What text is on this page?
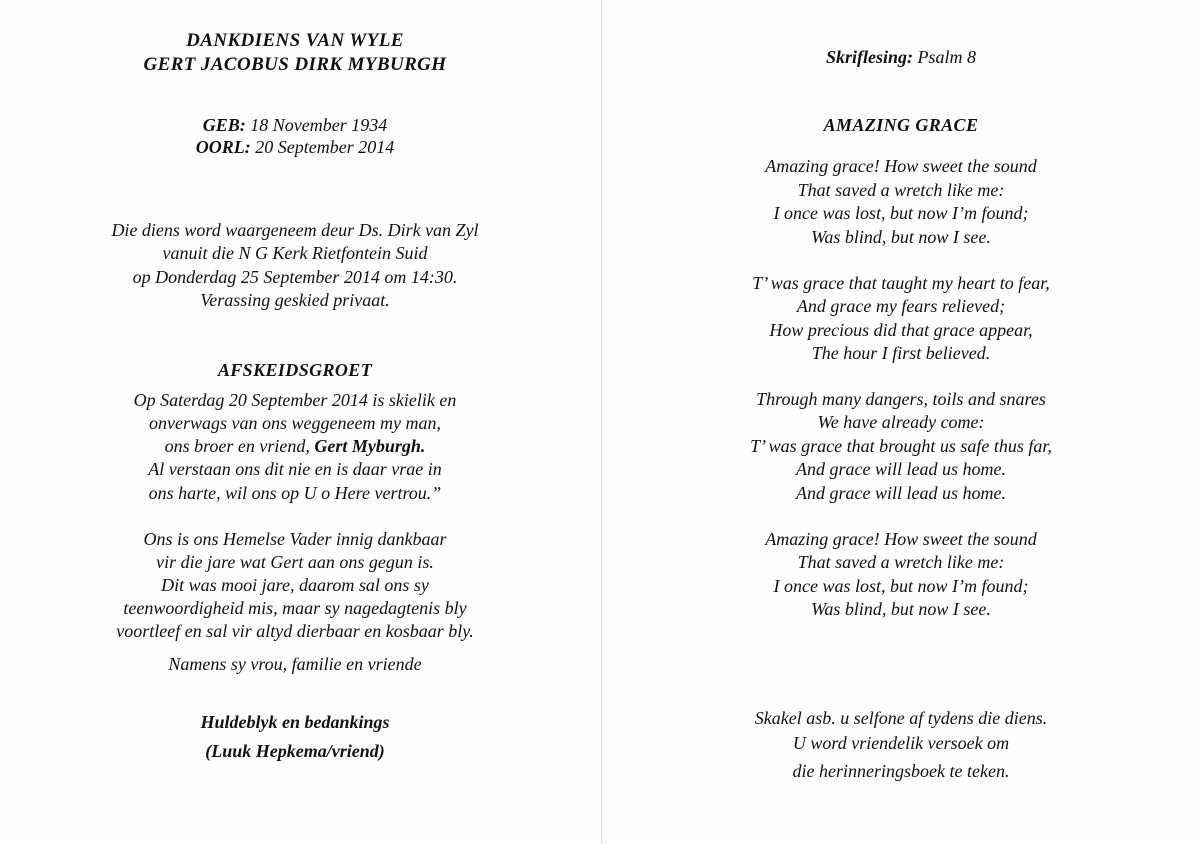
DANKDIENS VAN WYLE
GERT JACOBUS DIRK MYBURGH
GEB: 18 November 1934
OORL: 20 September 2014
Die diens word waargeneem deur Ds. Dirk van Zyl
vanuit die N G Kerk Rietfontein Suid
op Donderdag 25 September 2014 om 14:30.
Verassing geskied privaat.
AFSKEIDSGROET
Op Saterdag 20 September 2014 is skielik en
onverwags van ons weggeneem my man,
ons broer en vriend, Gert Myburgh.
Al verstaan ons dit nie en is daar vrae in
ons harte, wil ons op U o Here vertrou.”
Ons is ons Hemelse Vader innig dankbaar
vir die jare wat Gert aan ons gegun is.
Dit was mooi jare, daarom sal ons sy
teenwoordigheid mis, maar sy nagedagtenis bly
voortleef en sal vir altyd dierbaar en kosbaar bly.
Namens sy vrou, familie en vriende
Huldeblyk en bedankings
(Luuk Hepkema/vriend)
Skriflesing: Psalm 8
AMAZING GRACE
Amazing grace! How sweet the sound
That saved a wretch like me:
I once was lost, but now I’m found;
Was blind, but now I see.
T’ was grace that taught my heart to fear,
And grace my fears relieved;
How precious did that grace appear,
The hour I first believed.
Through many dangers, toils and snares
We have already come:
T’ was grace that brought us safe thus far,
And grace will lead us home.
And grace will lead us home.
Amazing grace! How sweet the sound
That saved a wretch like me:
I once was lost, but now I’m found;
Was blind, but now I see.
Skakel asb. u selfone af tydens die diens.
U word vriendelik versoek om
die herinneringsboek te teken.
